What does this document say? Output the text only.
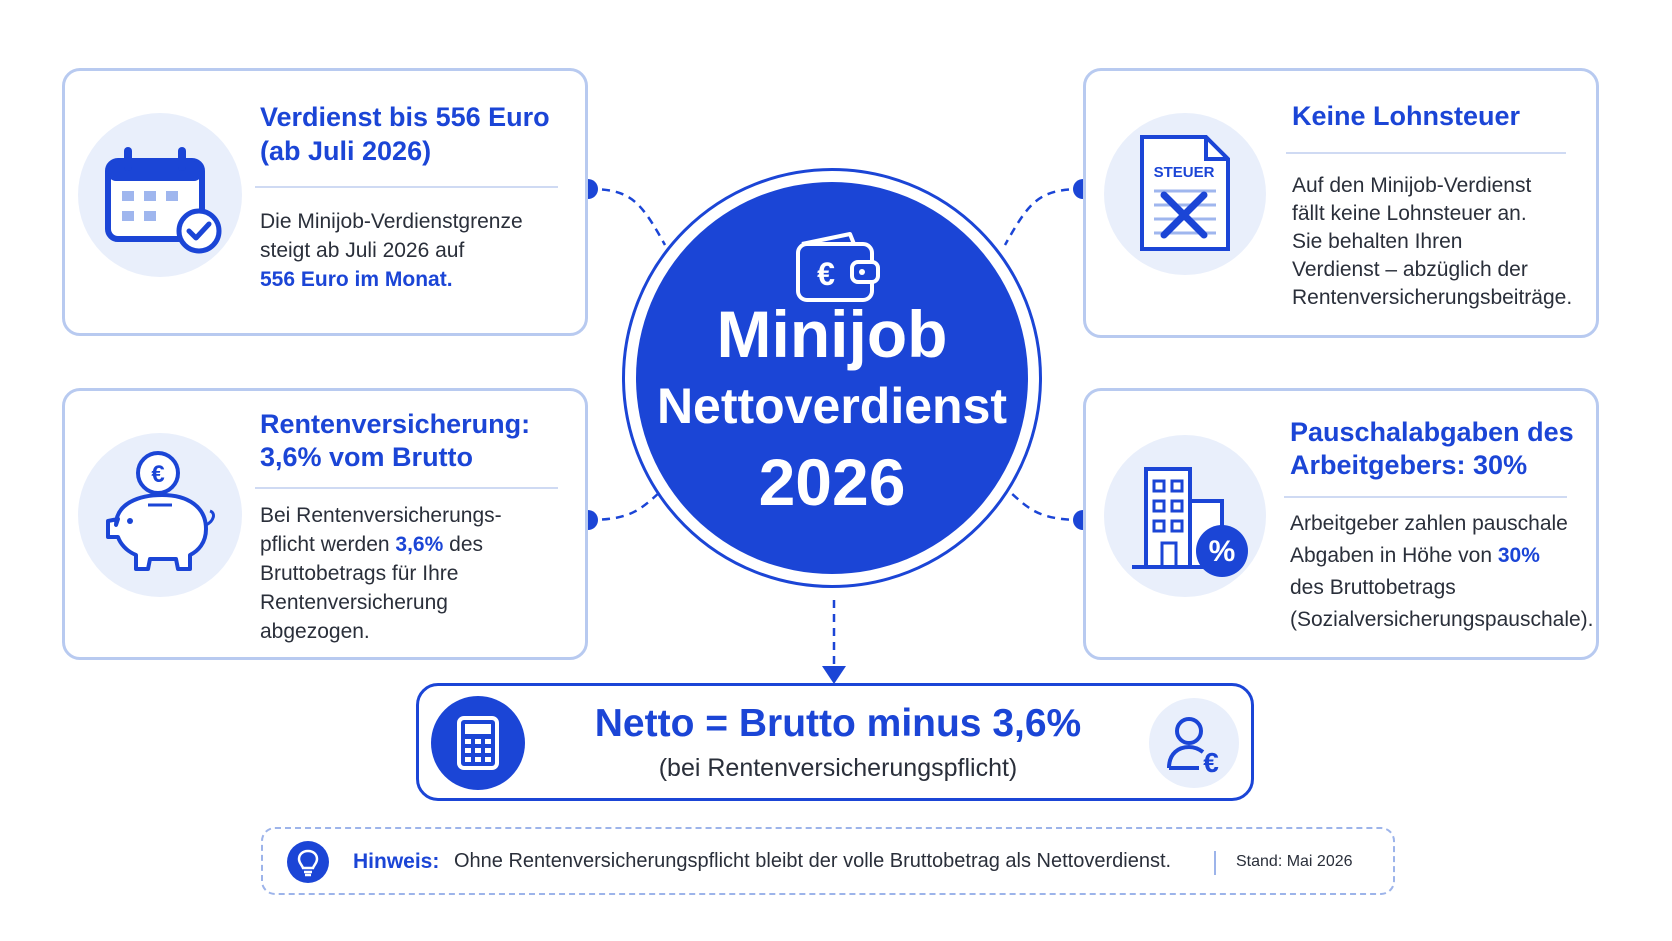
Verdienst bis 556 Euro

(ab Juli 2026)

Die Minijob-Verdienstgrenze

steigt ab Juli 2026 auf

556 Euro im Monat.

STEUER

Keine Lohnsteuer

Auf den Minijob-Verdienst

fällt keine Lohnsteuer an.

Sie behalten Ihren

Verdienst – abzüglich der

Rentenversicherungsbeiträge.

€

Rentenversicherung:

3,6% vom Brutto

Bei Rentenversicherungs-

pflicht werden 3,6% des

Bruttobetrags für Ihre

Rentenversicherung

abgezogen.

%

Pauschalabgaben des

Arbeitgebers: 30%

Arbeitgeber zahlen pauschale

Abgaben in Höhe von 30%

des Bruttobetrags

(Sozialversicherungspauschale).

€

Minijob

Nettoverdienst

2026

Netto = Brutto minus 3,6%

(bei Rentenversicherungspflicht)	€

Hinweis: Ohne Rentenversicherungspflicht bleibt der volle Bruttobetrag als Nettoverdienst.	Stand: Mai 2026
